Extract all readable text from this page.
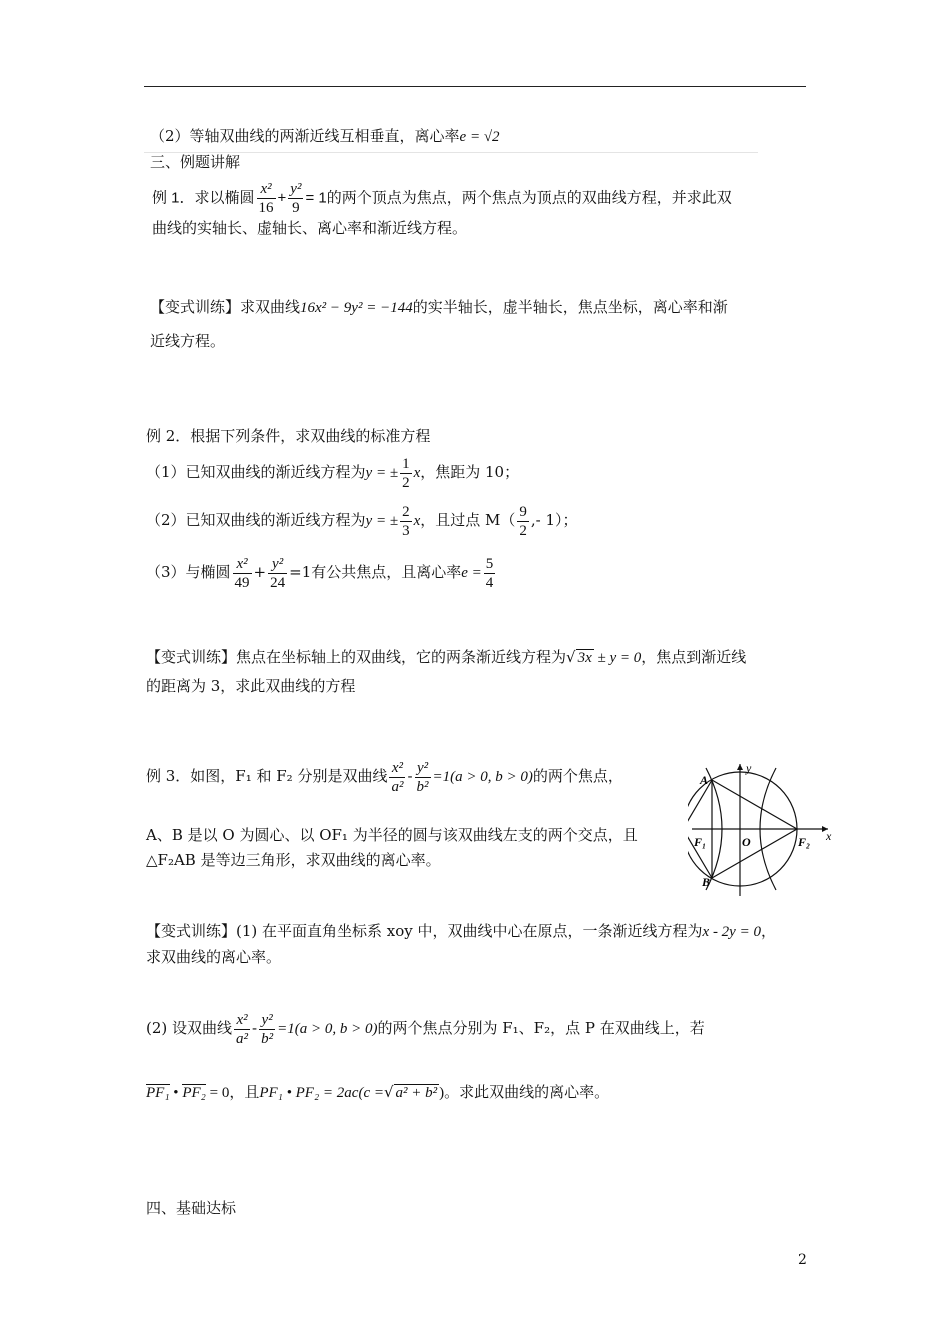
（2）等轴双曲线的两渐近线互相垂直，离心率e = √2
三、例题讲解
例 1．求以椭圆 $\frac{\text{x²}}{16} + \frac{\text{y²}}{9} = 1$的两个顶点为焦点，两个焦点为顶点的双曲线方程，并求此双
曲线的实轴长、虚轴长、离心率和渐近线方程。
【变式训练】求双曲线16x² − 9y² = −144的实半轴长，虚半轴长，焦点坐标，离心率和渐
近线方程。
例 2．根据下列条件，求双曲线的标准方程
（1）已知双曲线的渐近线方程为y = ± $\frac{1}{2}$ x，焦距为 10；
（2）已知双曲线的渐近线方程为y = ± $\frac{2}{3}$ x，且过点 $M( \frac{9}{2}$ ,- 1）；
（3）与椭圆 $\frac{\text{x²}}{49} + \frac{\text{y²}}{24} =1$有公共焦点，且离心率$e = \frac{5}{4}$
【变式训练】焦点在坐标轴上的双曲线，它的两条渐近线方程为√ 3x ± y = 0，焦点到渐近线
的距离为 3，求此双曲线的方程
例 3．如图，F₁ 和 F₂ 分别是双曲线 $\frac{\text{x²}}{\text{a²}} - \frac{\text{y²}}{\text{b²}} =1(a > 0$, b > 0)的两个焦点，
A、B 是以 O 为圆心、以 OF₁ 为半径的圆与该双曲线左支的两个交点，且
△F₂AB 是等边三角形，求双曲线的离心率。
y
x
A
B
O
F₁	F₂
【变式训练】(1) 在平面直角坐标系 xoy 中，双曲线中心在原点，一条渐近线方程为x - 2y = 0，
求双曲线的离心率。
(2) 设双曲线 $\frac{\text{x²}}{\text{a²}} - \frac{\text{y²}}{\text{b²}} =1(a > 0$, b > 0)的两个焦点分别为 F₁、F₂，点 P 在双曲线上，若
PF₁ • PF₂ = 0，且PF₁ • PF₂ = 2ac(c =√ a² + b² )。求此双曲线的离心率。
四、基础达标
2
